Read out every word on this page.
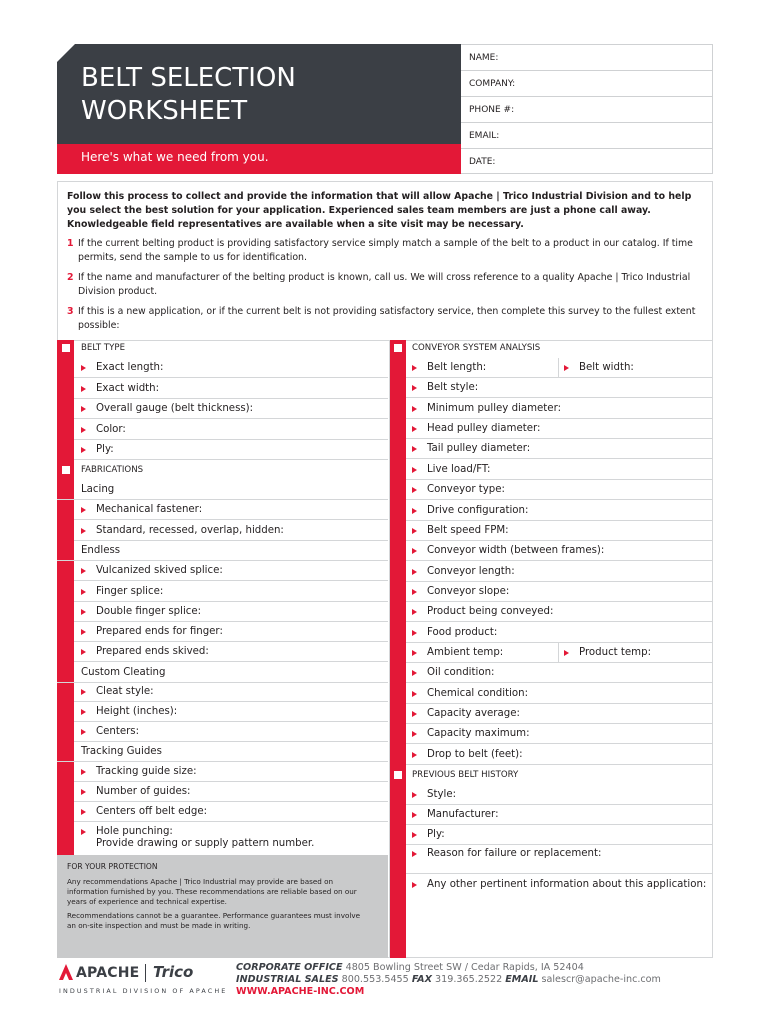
BELT SELECTION
WORKSHEET
Here's what we need from you.
NAME:
COMPANY:
PHONE #:
EMAIL:
DATE:

Follow this process to collect and provide the information that will allow Apache | Trico Industrial Division and to help you select the best solution for your application. Experienced sales team members are just a phone call away. Knowledgeable field representatives are available when a site visit may be necessary.

1 If the current belting product is providing satisfactory service simply match a sample of the belt to a product in our catalog. If time permits, send the sample to us for identification.
2 If the name and manufacturer of the belting product is known, call us. We will cross reference to a quality Apache | Trico Industrial Division product.
3 If this is a new application, or if the current belt is not providing satisfactory service, then complete this survey to the fullest extent possible:
BELT TYPE
Exact length:
Exact width:
Overall gauge (belt thickness):
Color:
Ply:
FABRICATIONS
Lacing
Mechanical fastener:
Standard, recessed, overlap, hidden:
Endless
Vulcanized skived splice:
Finger splice:
Double finger splice:
Prepared ends for finger:
Prepared ends skived:
Custom Cleating
Cleat style:
Height (inches):
Centers:
Tracking Guides
Tracking guide size:
Number of guides:
Centers off belt edge:
Hole punching:
Provide drawing or supply pattern number.
CONVEYOR SYSTEM ANALYSIS
Belt length:	Belt width:
Belt style:
Minimum pulley diameter:
Head pulley diameter:
Tail pulley diameter:
Live load/FT:
Conveyor type:
Drive configuration:
Belt speed FPM:
Conveyor width (between frames):
Conveyor length:
Conveyor slope:
Product being conveyed:
Food product:
Ambient temp:	Product temp:
Oil condition:
Chemical condition:
Capacity average:
Capacity maximum:
Drop to belt (feet):
PREVIOUS BELT HISTORY
Style:
Manufacturer:
Ply:
Reason for failure or replacement:
Any other pertinent information about this application:
FOR YOUR PROTECTION

Any recommendations Apache | Trico Industrial may provide are based on information furnished by you. These recommendations are reliable based on our years of experience and technical expertise.

Recommendations cannot be a guarantee. Performance guarantees must involve an on-site inspection and must be made in writing.

APACHE Trico
INDUSTRIAL DIVISION OF APACHE
CORPORATE OFFICE 4805 Bowling Street SW / Cedar Rapids, IA 52404
INDUSTRIAL SALES 800.553.5455 FAX 319.365.2522 EMAIL salescr@apache-inc.com
WWW.APACHE-INC.COM
